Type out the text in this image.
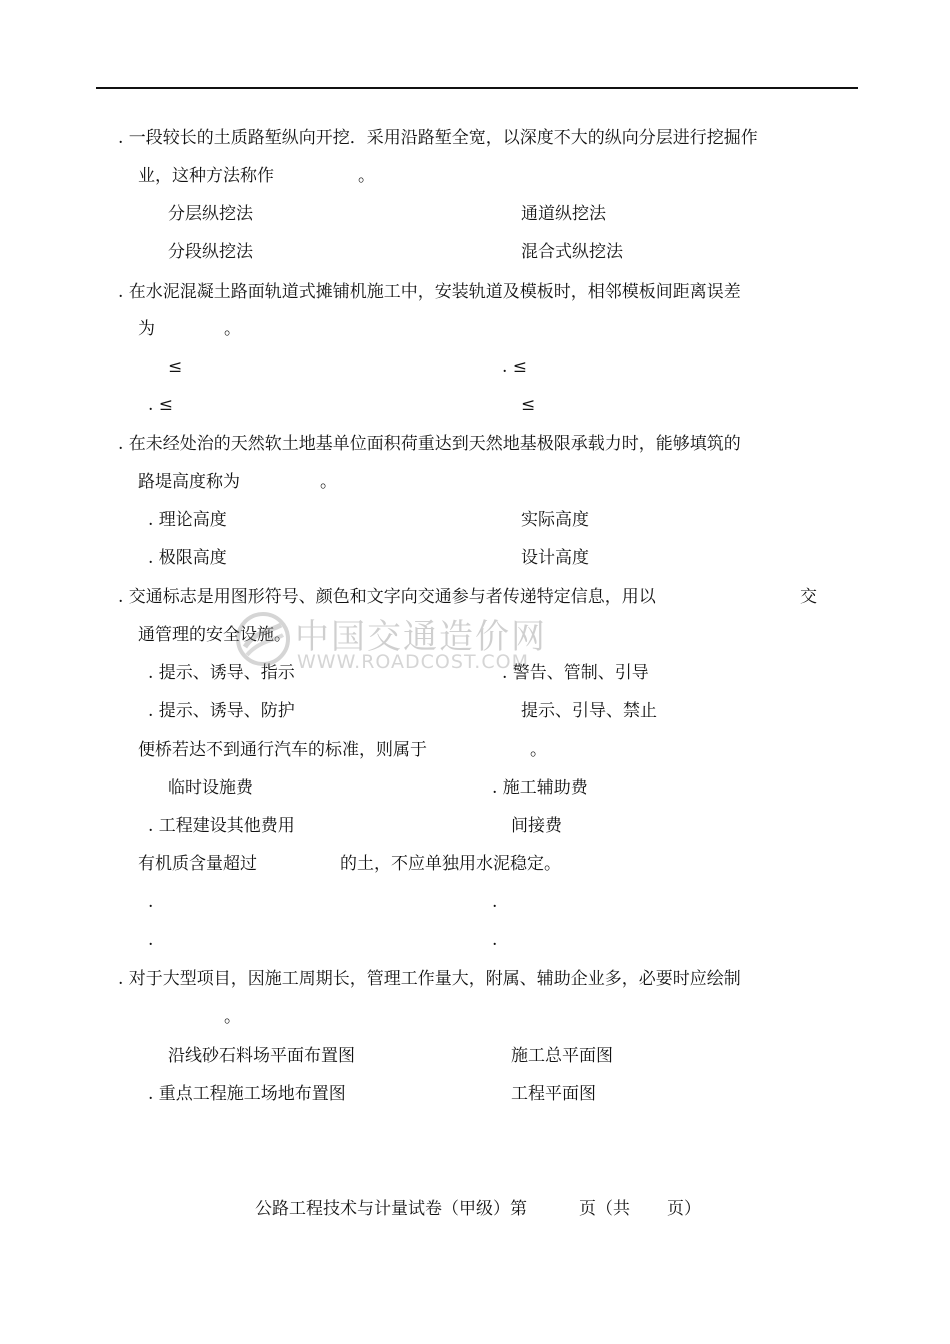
. 一段较长的土质路堑纵向开挖．采用沿路堑全宽，以深度不大的纵向分层进行挖掘作
业，这种方法称作	。
分层纵挖法	通道纵挖法
分段纵挖法	混合式纵挖法
. 在水泥混凝土路面轨道式摊铺机施工中，安装轨道及模板时，相邻模板间距离误差
为	。
≤	. ≤
. ≤	≤
. 在未经处治的天然软土地基单位面积荷重达到天然地基极限承载力时，能够填筑的
路堤高度称为	。
. 理论高度	实际高度
. 极限高度	设计高度
. 交通标志是用图形符号、颜色和文字向交通参与者传递特定信息，用以	交
通管理的安全设施。
. 提示、诱导、指示	. 警告、管制、引导
. 提示、诱导、防护	提示、引导、禁止
便桥若达不到通行汽车的标准，则属于	。
临时设施费	. 施工辅助费
. 工程建设其他费用	间接费
有机质含量超过	的土，不应单独用水泥稳定。
.	.
.	.
. 对于大型项目，因施工周期长，管理工作量大，附属、辅助企业多，必要时应绘制
。
沿线砂石料场平面布置图	施工总平面图
. 重点工程施工场地布置图	工程平面图
中国交通造价网
WWW.ROADCOST.COM
公路工程技术与计量试卷（甲级）第	页（共 页）
